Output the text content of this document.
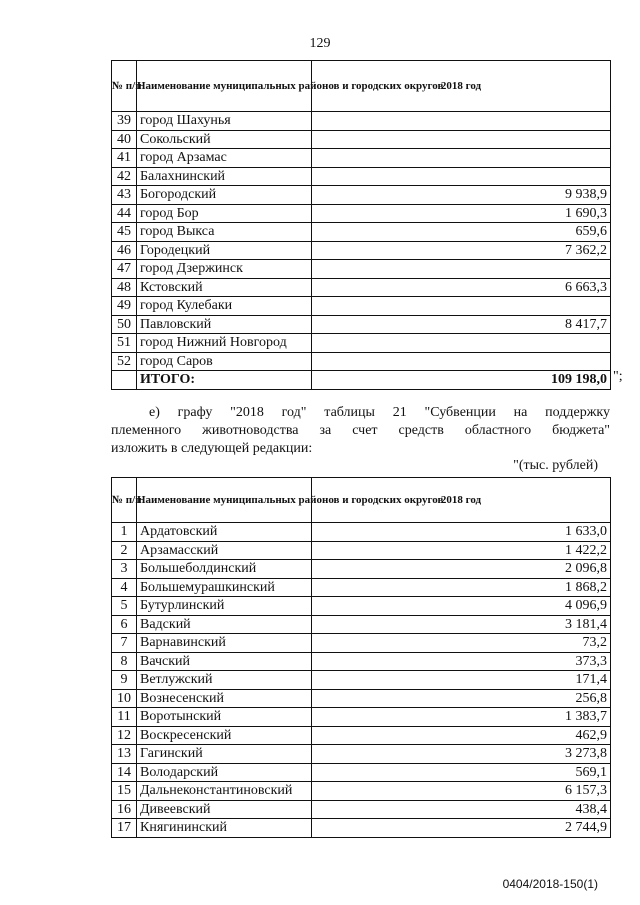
129
№ п/п	Наименование муниципальных районов и городских округов	2018 год
39	город Шахунья	
40	Сокольский	
41	город Арзамас	
42	Балахнинский	
43	Богородский	9 938,9
44	город Бор	1 690,3
45	город Выкса	659,6
46	Городецкий	7 362,2
47	город Дзержинск	
48	Кстовский	6 663,3
49	город Кулебаки	
50	Павловский	8 417,7
51	город Нижний Новгород	
52	город Саров	
	ИТОГО:	109 198,0 ";
е) графу "2018 год" таблицы 21 "Субвенции на поддержку
племенного животноводства за счет средств областного бюджета"
изложить в следующей редакции:
"(тыс. рублей)
№ п/п	Наименование муниципальных районов и городских округов	2018 год
1	Ардатовский	1 633,0
2	Арзамасский	1 422,2
3	Большеболдинский	2 096,8
4	Большемурашкинский	1 868,2
5	Бутурлинский	4 096,9
6	Вадский	3 181,4
7	Варнавинский	73,2
8	Вачский	373,3
9	Ветлужский	171,4
10	Вознесенский	256,8
11	Воротынский	1 383,7
12	Воскресенский	462,9
13	Гагинский	3 273,8
14	Володарский	569,1
15	Дальнеконстантиновский	6 157,3
16	Дивеевский	438,4
17	Княгининский	2 744,9
0404/2018-150(1)
